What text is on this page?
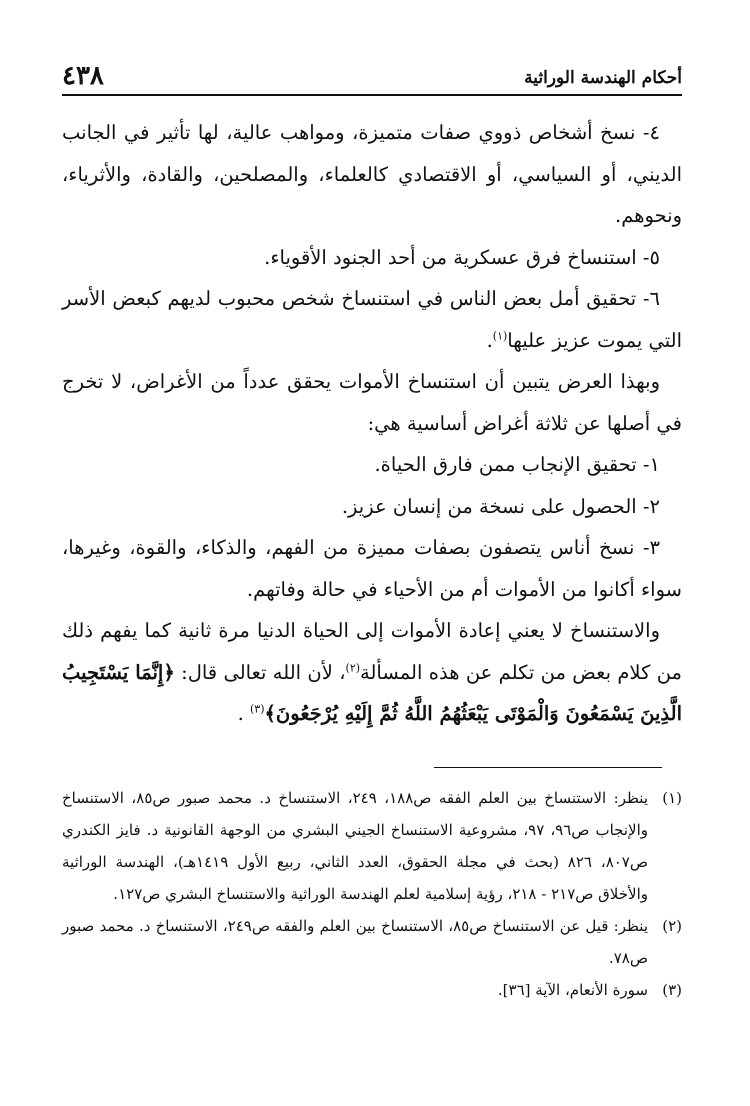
أحكام الهندسة الوراثية
٤٣٨

٤- نسخ أشخاص ذووي صفات متميزة، ومواهب عالية، لها تأثير في الجانب الديني، أو السياسي، أو الاقتصادي كالعلماء، والمصلحين، والقادة، والأثرياء، ونحوهم.

٥- استنساخ فرق عسكرية من أحد الجنود الأقوياء.

٦- تحقيق أمل بعض الناس في استنساخ شخص محبوب لديهم كبعض الأسر التي يموت عزيز عليها$^{(١)}$.

وبهذا العرض يتبين أن استنساخ الأموات يحقق عدداً من الأغراض، لا تخرج في أصلها عن ثلاثة أغراض أساسية هي:

١- تحقيق الإنجاب ممن فارق الحياة.

٢- الحصول على نسخة من إنسان عزيز.

٣- نسخ أناس يتصفون بصفات مميزة من الفهم، والذكاء، والقوة، وغيرها، سواء أكانوا من الأموات أم من الأحياء في حالة وفاتهم.

والاستنساخ لا يعني إعادة الأموات إلى الحياة الدنيا مرة ثانية كما يفهم ذلك من كلام بعض من تكلم عن هذه المسألة$^{(٢)}$، لأن الله تعالى قال: ﴿إِنَّمَا يَسْتَجِيبُ الَّذِينَ يَسْمَعُونَ وَالْمَوْتَى يَبْعَثُهُمُ اللَّهُ ثُمَّ إِلَيْهِ يُرْجَعُونَ﴾$^{(٣)}$ .

(١)ينظر: الاستنساخ بين العلم الفقه ص١٨٨، ٢٤٩، الاستنساخ د. محمد صبور ص٨٥، الاستنساخ والإنجاب ص٩٦، ٩٧، مشروعية الاستنساخ الجيني البشري من الوجهة القانونية د. فايز الكندري ص٨٠٧، ٨٢٦ (بحث في مجلة الحقوق، العدد الثاني، ربيع الأول ١٤١٩هـ)، الهندسة الوراثية والأخلاق ص٢١٧ - ٢١٨، رؤية إسلامية لعلم الهندسة الوراثية والاستنساخ البشري ص١٢٧.

(٢)ينظر: قيل عن الاستنساخ ص٨٥، الاستنساخ بين العلم والفقه ص٢٤٩، الاستنساخ د. محمد صبور ص٧٨.

(٣)سورة الأنعام، الآية [٣٦].
